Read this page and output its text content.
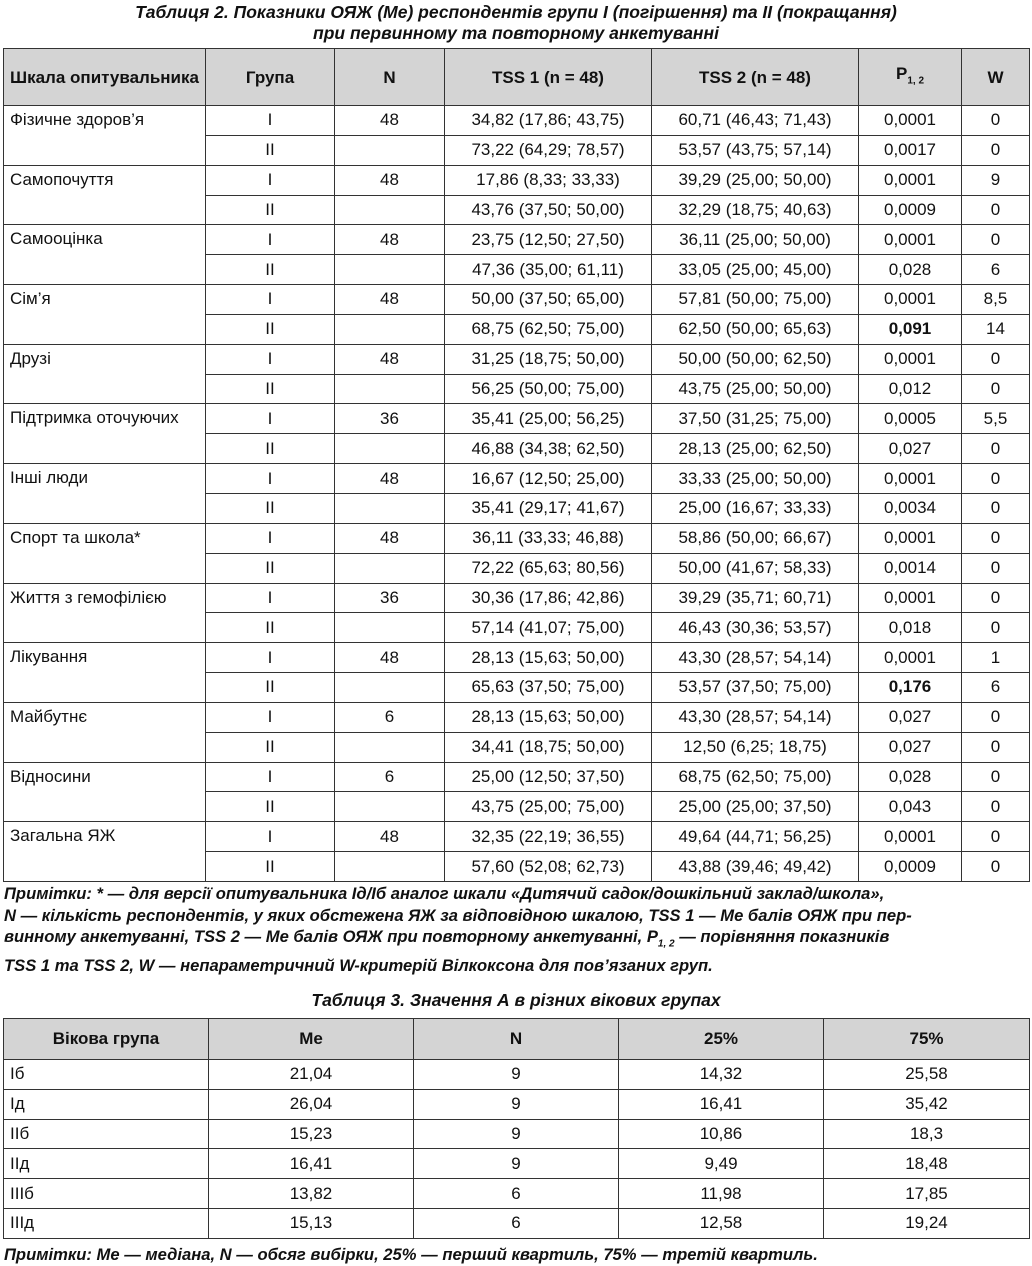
Таблиця 2. Показники ОЯЖ (Ме) респондентів групи І (погіршення) та ІІ (покращання)
при первинному та повторному анкетуванні
Шкала опитувальника	Група	N	TSS 1 (n = 48)	TSS 2 (n = 48)	$P_{1, 2}$	W
Фізичне здоров’я	I	48	34,82 (17,86; 43,75)	60,71 (46,43; 71,43)	0,0001	0
	II		73,22 (64,29; 78,57)	53,57 (43,75; 57,14)	0,0017	0
Самопочуття	I	48	17,86 (8,33; 33,33)	39,29 (25,00; 50,00)	0,0001	9
	II		43,76 (37,50; 50,00)	32,29 (18,75; 40,63)	0,0009	0
Самооцінка	I	48	23,75 (12,50; 27,50)	36,11 (25,00; 50,00)	0,0001	0
	II		47,36 (35,00; 61,11)	33,05 (25,00; 45,00)	0,028	6
Сім’я	I	48	50,00 (37,50; 65,00)	57,81 (50,00; 75,00)	0,0001	8,5
	II		68,75 (62,50; 75,00)	62,50 (50,00; 65,63)	0,091	14
Друзі	I	48	31,25 (18,75; 50,00)	50,00 (50,00; 62,50)	0,0001	0
	II		56,25 (50,00; 75,00)	43,75 (25,00; 50,00)	0,012	0
Підтримка оточуючих	I	36	35,41 (25,00; 56,25)	37,50 (31,25; 75,00)	0,0005	5,5
	II		46,88 (34,38; 62,50)	28,13 (25,00; 62,50)	0,027	0
Інші люди	I	48	16,67 (12,50; 25,00)	33,33 (25,00; 50,00)	0,0001	0
	II		35,41 (29,17; 41,67)	25,00 (16,67; 33,33)	0,0034	0
Спорт та школа*	I	48	36,11 (33,33; 46,88)	58,86 (50,00; 66,67)	0,0001	0
	II		72,22 (65,63; 80,56)	50,00 (41,67; 58,33)	0,0014	0
Життя з гемофілією	I	36	30,36 (17,86; 42,86)	39,29 (35,71; 60,71)	0,0001	0
	II		57,14 (41,07; 75,00)	46,43 (30,36; 53,57)	0,018	0
Лікування	I	48	28,13 (15,63; 50,00)	43,30 (28,57; 54,14)	0,0001	1
	II		65,63 (37,50; 75,00)	53,57 (37,50; 75,00)	0,176	6
Майбутнє	I	6	28,13 (15,63; 50,00)	43,30 (28,57; 54,14)	0,027	0
	II		34,41 (18,75; 50,00)	12,50 (6,25; 18,75)	0,027	0
Відносини	I	6	25,00 (12,50; 37,50)	68,75 (62,50; 75,00)	0,028	0
	II		43,75 (25,00; 75,00)	25,00 (25,00; 37,50)	0,043	0
Загальна ЯЖ	I	48	32,35 (22,19; 36,55)	49,64 (44,71; 56,25)	0,0001	0
	II		57,60 (52,08; 62,73)	43,88 (39,46; 49,42)	0,0009	0
Примітки: * — для версії опитувальника Ід/Іб аналог шкали «Дитячий садок/дошкільний заклад/школа»,
N — кількість респондентів, у яких обстежена ЯЖ за відповідною шкалою, TSS 1 — Ме балів ОЯЖ при пер-
винному анкетуванні, TSS 2 — Ме балів ОЯЖ при повторному анкетуванні, $P_{1, 2}$ — порівняння показників
TSS 1 та TSS 2, W — непараметричний W-критерій Вілкоксона для пов’язаних груп.
Таблиця 3. Значення А в різних вікових групах
Вікова група	Ме	N	25%	75%
Іб	21,04	9	14,32	25,58
Ід	26,04	9	16,41	35,42
ІІб	15,23	9	10,86	18,3
ІІд	16,41	9	9,49	18,48
ІІІб	13,82	6	11,98	17,85
ІІІд	15,13	6	12,58	19,24
Примітки: Ме — медіана, N — обсяг вибірки, 25% — перший квартиль, 75% — третій квартиль.
